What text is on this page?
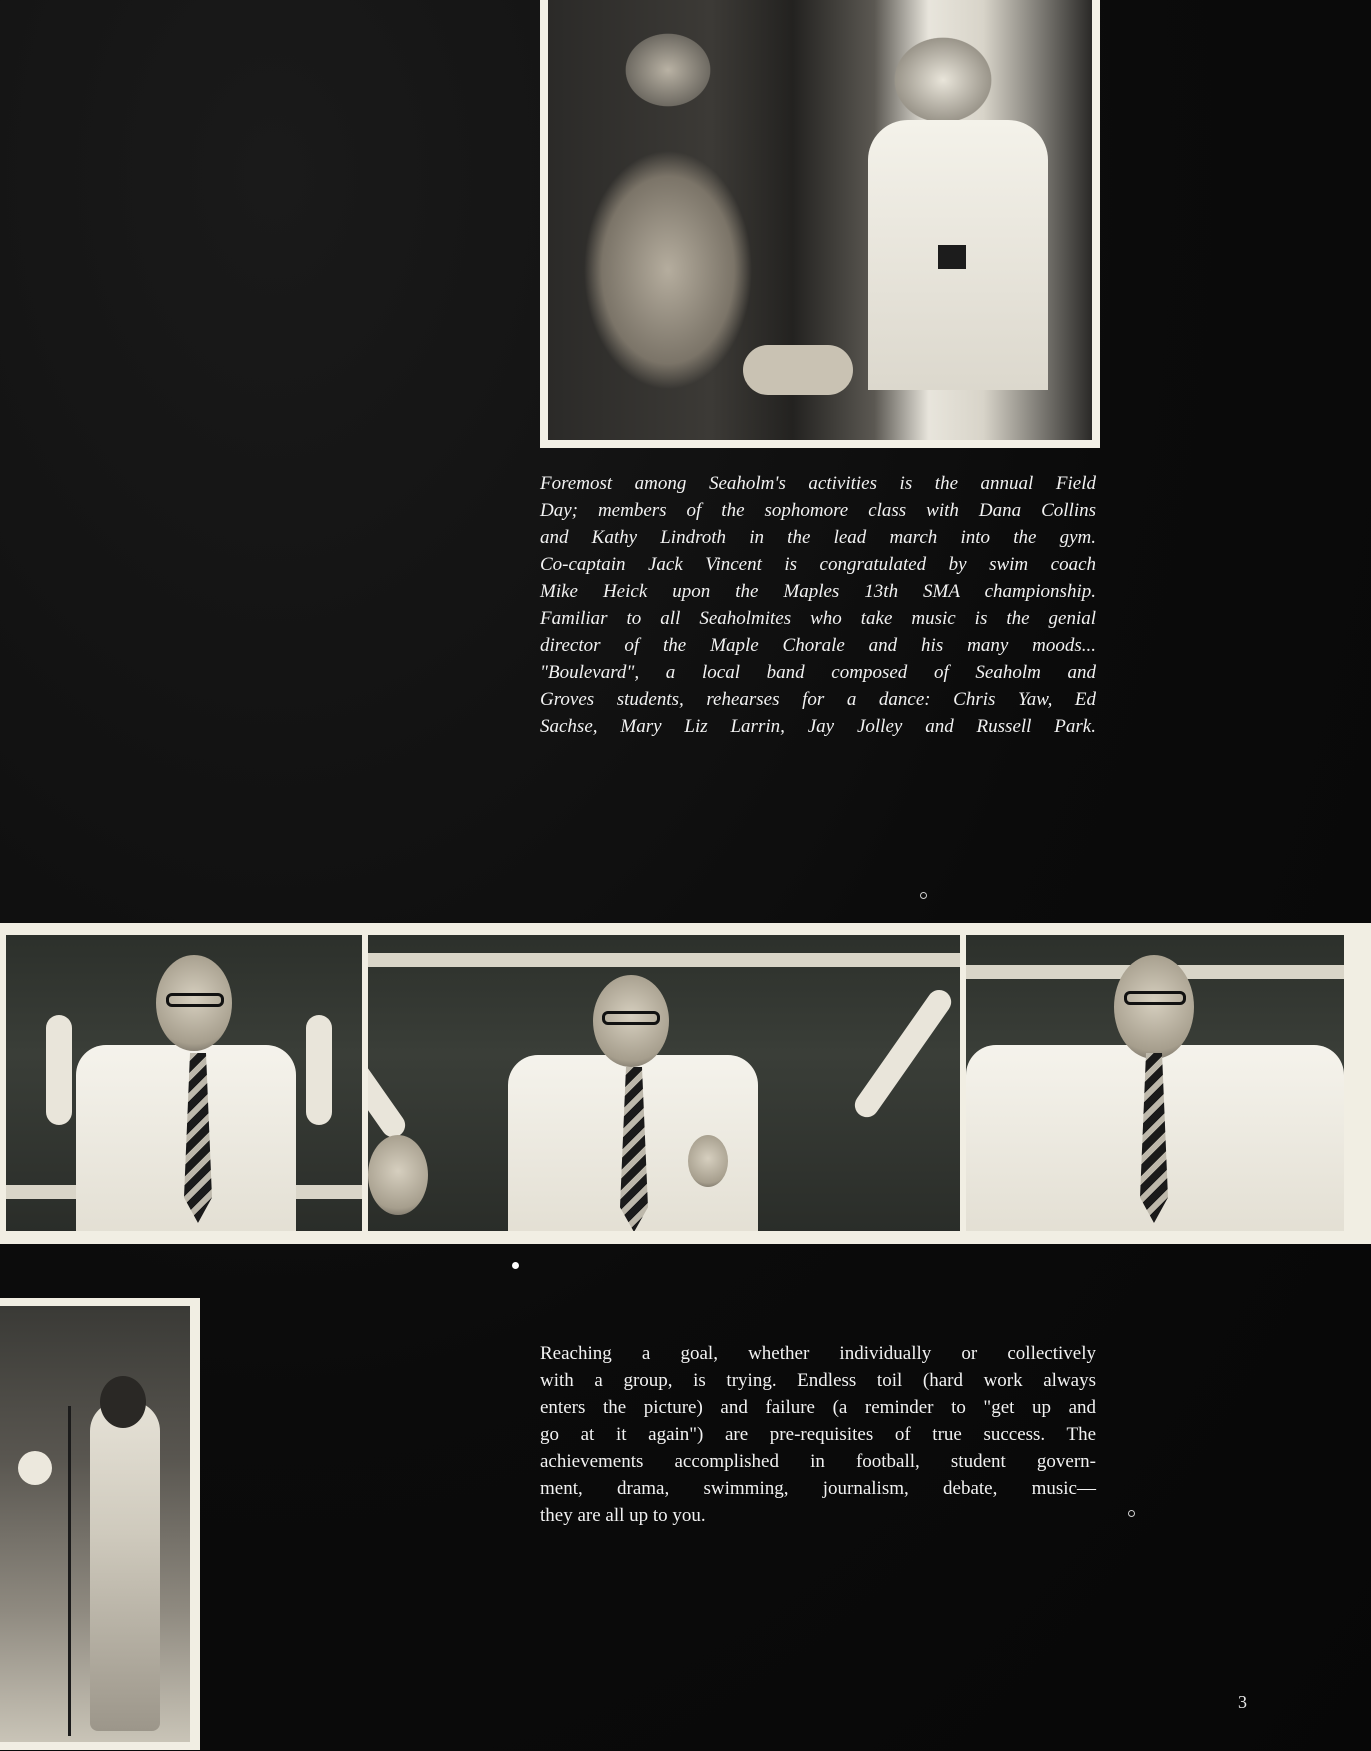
Foremost among Seaholm's activities is the annual Field
Day; members of the sophomore class with Dana Collins
and Kathy Lindroth in the lead march into the gym.
Co-captain Jack Vincent is congratulated by swim coach
Mike Heick upon the Maples 13th SMA championship.
Familiar to all Seaholmites who take music is the genial
director of the Maple Chorale and his many moods...
"Boulevard", a local band composed of Seaholm and
Groves students, rehearses for a dance: Chris Yaw, Ed
Sachse, Mary Liz Larrin, Jay Jolley and Russell Park.
Reaching a goal, whether individually or collectively
with a group, is trying. Endless toil (hard work always
enters the picture) and failure (a reminder to "get up and
go at it again") are pre-requisites of true success. The
achievements accomplished in football, student govern-
ment, drama, swimming, journalism, debate, music—
they are all up to you.
3
